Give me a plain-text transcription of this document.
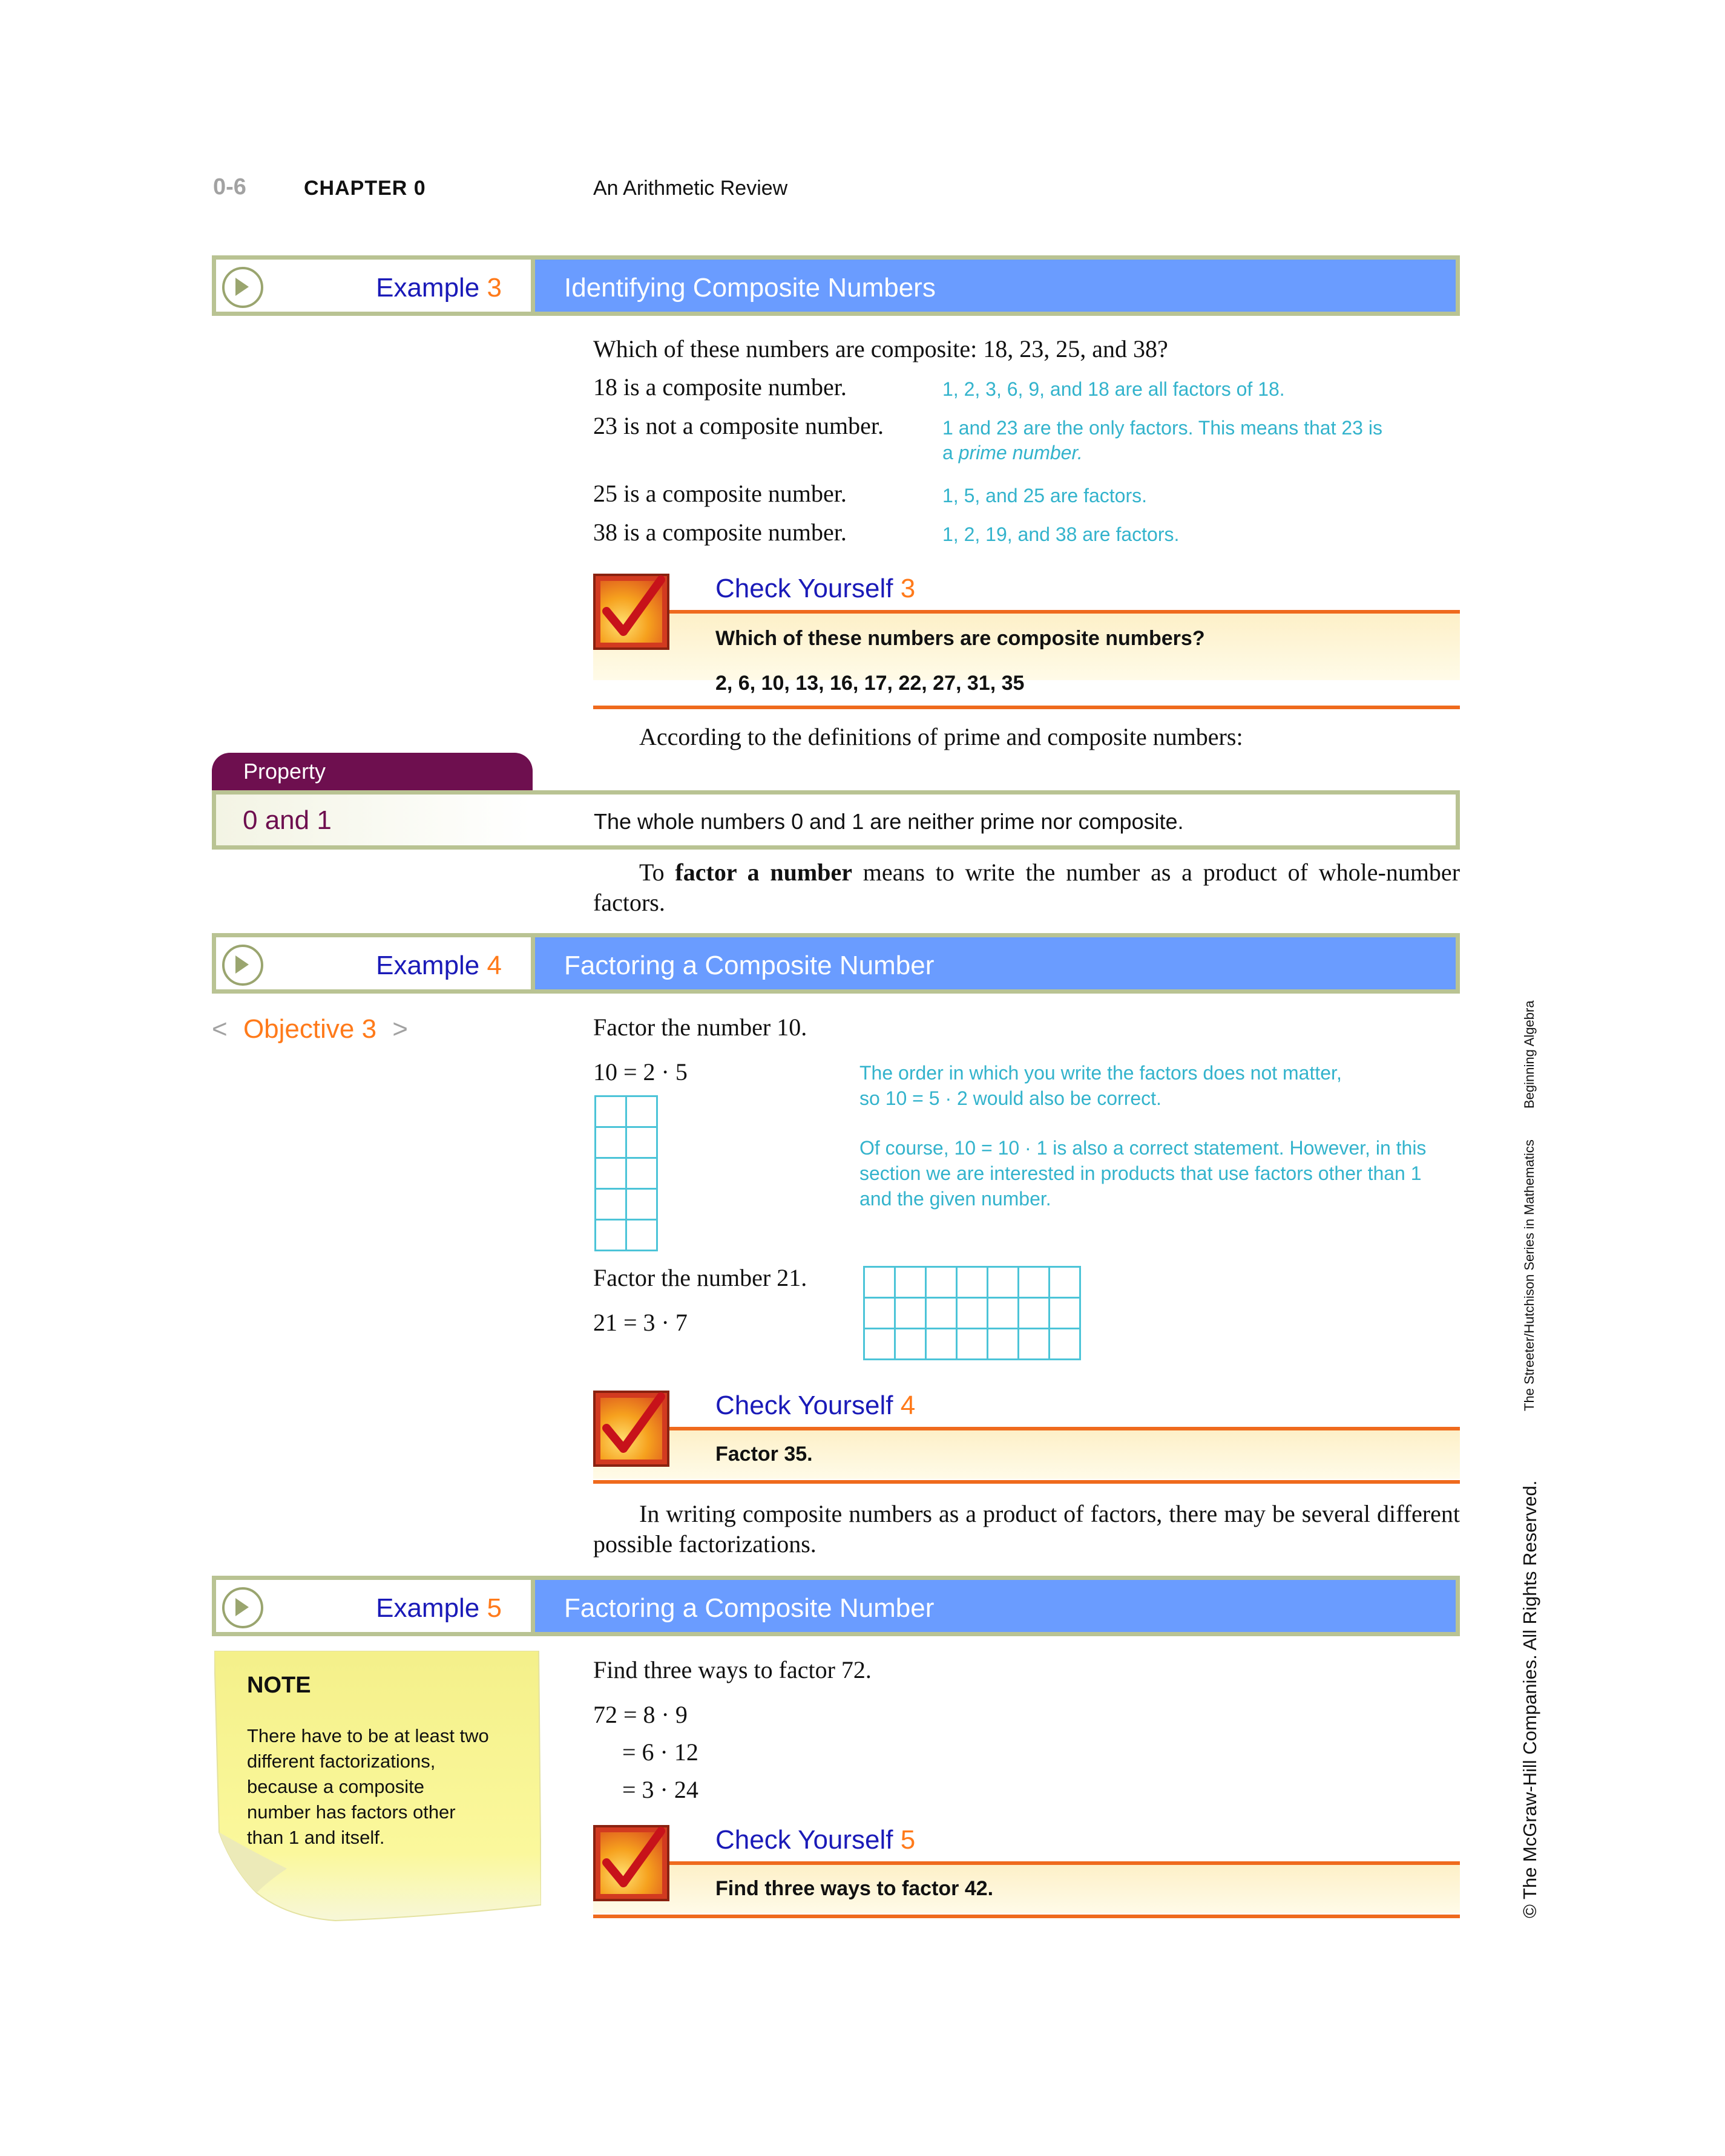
0-6	CHAPTER 0	An Arithmetic Review
Example 3 Identifying Composite Numbers
Which of these numbers are composite: 18, 23, 25, and 38?
18 is a composite number.	1, 2, 3, 6, 9, and 18 are all factors of 18.
23 is not a composite number.	1 and 23 are the only factors. This means that 23 is
a prime number.
25 is a composite number.	1, 5, and 25 are factors.
38 is a composite number.	1, 2, 19, and 38 are factors.
Check Yourself 3
Which of these numbers are composite numbers?
2, 6, 10, 13, 16, 17, 22, 27, 31, 35
According to the definitions of prime and composite numbers:
Property
0 and 1	The whole numbers 0 and 1 are neither prime nor composite.
To factor a number means to write the number as a product of whole-number
factors.
Example 4 Factoring a Composite Number
< Objective 3 >	Factor the number 10.
10 = 2 · 5	The order in which you write the factors does not matter,
so 10 = 5 · 2 would also be correct.
Of course, 10 = 10 · 1 is also a correct statement. However, in this
section we are interested in products that use factors other than 1
and the given number.
Factor the number 21.
21 = 3 · 7
Check Yourself 4
Factor 35.
In writing composite numbers as a product of factors, there may be several different
possible factorizations.
Example 5 Factoring a Composite Number
NOTE
There have to be at least two
different factorizations,
because a composite
number has factors other
than 1 and itself.
Find three ways to factor 72.
72 = 8 · 9
= 6 · 12
= 3 · 24
Check Yourself 5
Find three ways to factor 42.
Beginning Algebra
The Streeter/Hutchison Series in Mathematics
© The McGraw-Hill Companies. All Rights Reserved.
